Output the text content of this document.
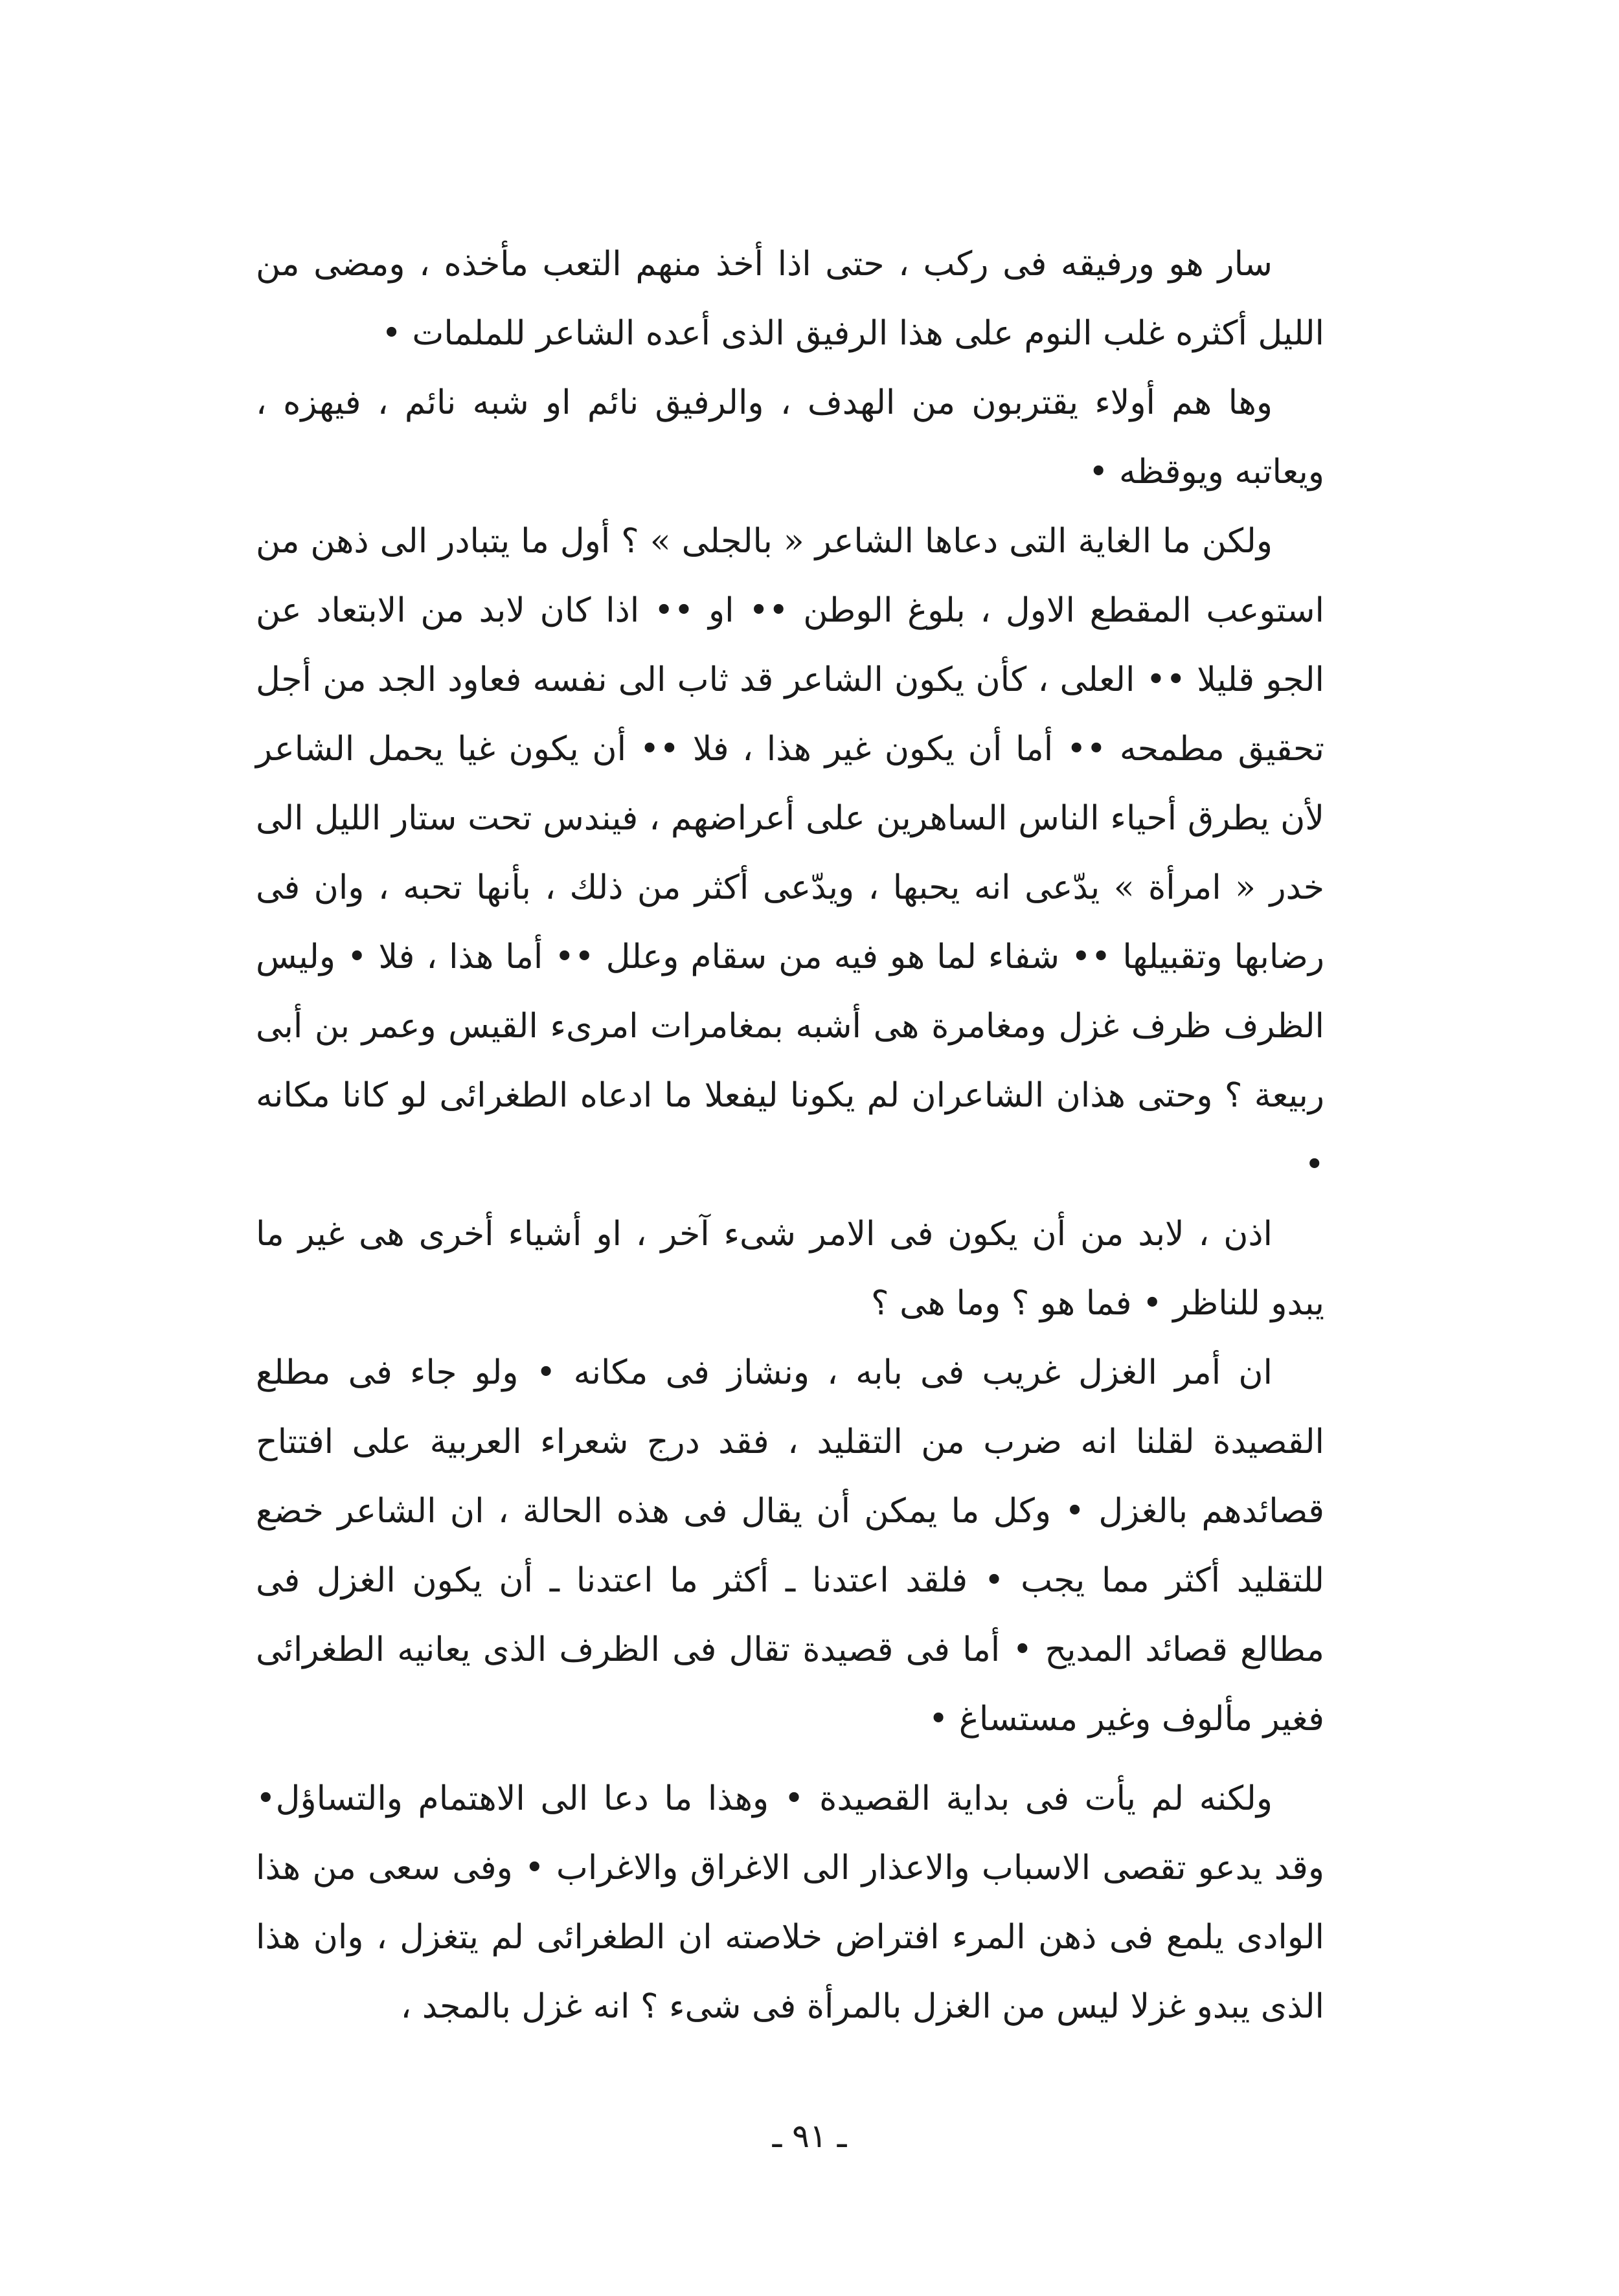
سار هو ورفيقه فى ركب ، حتى اذا أخذ منهم التعب مأخذه ، ومضى من الليل أكثره غلب النوم على هذا الرفيق الذى أعده الشاعر للملمات •

وها هم أولاء يقتربون من الهدف ، والرفيق نائم او شبه نائم ، فيهزه ، ويعاتبه ويوقظه •

ولكن ما الغاية التى دعاها الشاعر « بالجلى » ؟ أول ما يتبادر الى ذهن من استوعب المقطع الاول ، بلوغ الوطن •• او •• اذا كان لابد من الابتعاد عن الجو قليلا •• العلى ، كأن يكون الشاعر قد ثاب الى نفسه فعاود الجد من أجل تحقيق مطمحه •• أما أن يكون غير هذا ، فلا •• أن يكون غيا يحمل الشاعر لأن يطرق أحياء الناس الساهرين على أعراضهم ، فيندس تحت ستار الليل الى خدر « امرأة » يدّعى انه يحبها ، ويدّعى أكثر من ذلك ، بأنها تحبه ، وان فى رضابها وتقبيلها •• شفاء لما هو فيه من سقام وعلل •• أما هذا ، فلا • وليس الظرف ظرف غزل ومغامرة هى أشبه بمغامرات امرىء القيس وعمر بن أبى ربيعة ؟ وحتى هذان الشاعران لم يكونا ليفعلا ما ادعاه الطغرائى لو كانا مكانه •

اذن ، لابد من أن يكون فى الامر شىء آخر ، او أشياء أخرى هى غير ما يبدو للناظر • فما هو ؟ وما هى ؟

ان أمر الغزل غريب فى بابه ، ونشاز فى مكانه • ولو جاء فى مطلع القصيدة لقلنا انه ضرب من التقليد ، فقد درج شعراء العربية على افتتاح قصائدهم بالغزل • وكل ما يمكن أن يقال فى هذه الحالة ، ان الشاعر خضع للتقليد أكثر مما يجب • فلقد اعتدنا ـ أكثر ما اعتدنا ـ أن يكون الغزل فى مطالع قصائد المديح • أما فى قصيدة تقال فى الظرف الذى يعانيه الطغرائى فغير مألوف وغير مستساغ •

ولكنه لم يأت فى بداية القصيدة • وهذا ما دعا الى الاهتمام والتساؤل• وقد يدعو تقصى الاسباب والاعذار الى الاغراق والاغراب • وفى سعى من هذا الوادى يلمع فى ذهن المرء افتراض خلاصته ان الطغرائى لم يتغزل ، وان هذا الذى يبدو غزلا ليس من الغزل بالمرأة فى شىء ؟ انه غزل بالمجد ،

ـ ٩١ ـ
